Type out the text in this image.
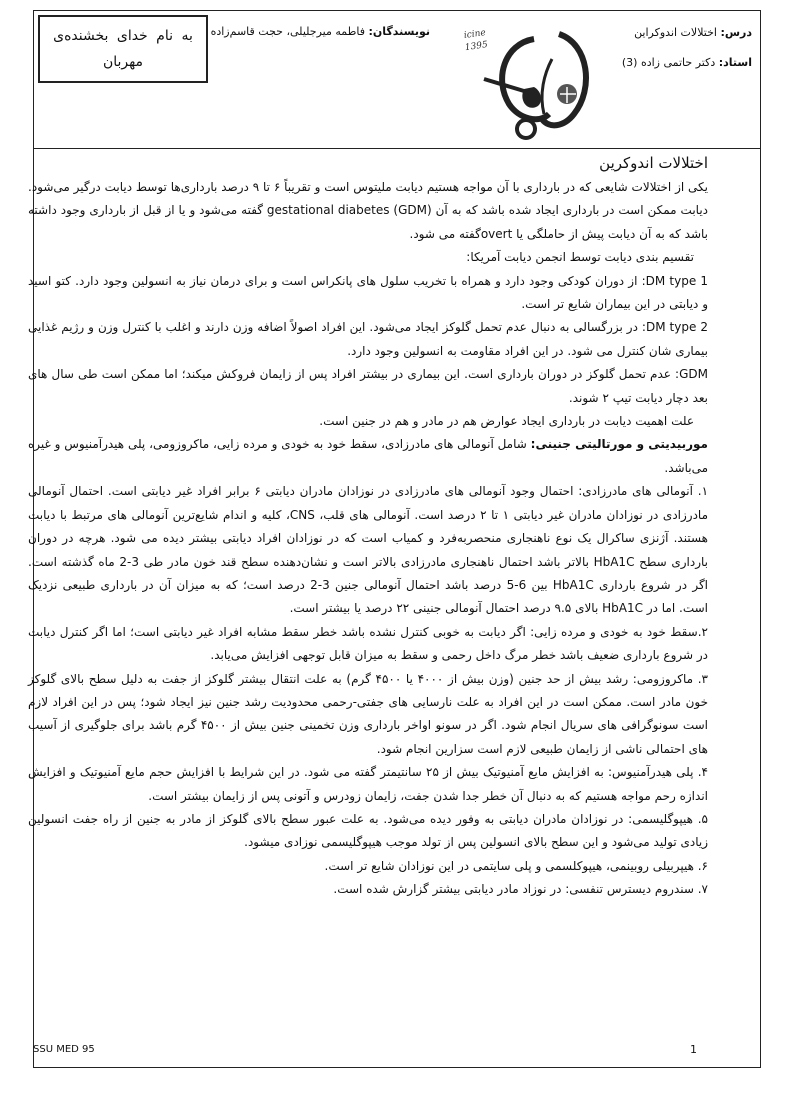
درس: اختلالات اندوکراین
استاد: دکتر حاتمی زاده (3)
medicine
1395
نویسندگان: فاطمه میرجلیلی، حجت قاسم‌زاده
به نام خدای بخشنده‌ی
مهربان

اختلالات اندوکرین

یکی از اختلالات شایعی که در بارداری با آن مواجه هستیم دیابت ملیتوس است و تقریباً ۶ تا ۹ درصد بارداری‌ها توسط دیابت درگیر می‌شود. دیابت ممکن است در بارداری ایجاد شده باشد که به آن gestational diabetes (GDM) گفته می‌شود و یا از قبل از بارداری وجود داشته باشد که به آن دیابت پیش از حاملگی یا overtگفته می شود.

تقسیم بندی دیابت توسط انجمن دیابت آمریکا:

DM type 1: از دوران کودکی وجود دارد و همراه با تخریب سلول های پانکراس است و برای درمان نیاز به انسولین وجود دارد. کتو اسید و دیابتی در این بیماران شایع تر است.

DM type 2: در بزرگسالی به دنبال عدم تحمل گلوکز ایجاد می‌شود. این افراد اصولاً اضافه وزن دارند و اغلب با کنترل وزن و رژیم غذایی بیماری شان کنترل می شود. در این افراد مقاومت به انسولین وجود دارد.

GDM: عدم تحمل گلوکز در دوران بارداری است. این بیماری در بیشتر افراد پس از زایمان فروکش میکند؛ اما ممکن است طی سال های بعد دچار دیابت تیپ ۲ شوند.

علت اهمیت دیابت در بارداری ایجاد عوارض هم در مادر و هم در جنین است.

موربیدیتی و مورتالیتی جنینی: شامل آنومالی های مادرزادی، سقط خود به خودی و مرده زایی، ماکروزومی، پلی هیدرآمنیوس و غیره می‌باشد.

۱. آنومالی های مادرزادی: احتمال وجود آنومالی های مادرزادی در نوزادان مادران دیابتی ۶ برابر افراد غیر دیابتی است. احتمال آنومالی مادرزادی در نوزادان مادران غیر دیابتی ۱ تا ۲ درصد است. آنومالی های قلب، CNS، کلیه و اندام شایع‌ترین آنومالی های مرتبط با دیابت هستند. آژنزی ساکرال یک نوع ناهنجاری منحصربه‌فرد و کمیاب است که در نوزادان افراد دیابتی بیشتر دیده می شود. هرچه در دوران بارداری سطح HbA1C بالاتر باشد احتمال ناهنجاری مادرزادی بالاتر است و نشان‌دهنده سطح قند خون مادر طی 3-2 ماه گذشته است. اگر در شروع بارداری HbA1C بین 6-5 درصد باشد احتمال آنومالی جنین 3-2 درصد است؛ که به میزان آن در بارداری طبیعی نزدیک است. اما در HbA1C بالای ۹.۵ درصد احتمال آنومالی جنینی ۲۲ درصد یا بیشتر است.

۲.سقط خود به خودی و مرده زایی: اگر دیابت به خوبی کنترل نشده باشد خطر سقط مشابه افراد غیر دیابتی است؛ اما اگر کنترل دیابت در شروع بارداری ضعیف باشد خطر مرگ داخل رحمی و سقط به میزان قابل توجهی افزایش می‌یابد.

۳. ماکروزومی: رشد بیش از حد جنین (وزن بیش از ۴۰۰۰ یا ۴۵۰۰ گرم) به علت انتقال بیشتر گلوکز از جفت به دلیل سطح بالای گلوکز خون مادر است. ممکن است در این افراد به علت نارسایی های جفتی-رحمی محدودیت رشد جنین نیز ایجاد شود؛ پس در این افراد لازم است سونوگرافی های سریال انجام شود. اگر در سونو اواخر بارداری وزن تخمینی جنین بیش از ۴۵۰۰ گرم باشد برای جلوگیری از آسیب های احتمالی ناشی از زایمان طبیعی لازم است سزارین انجام شود.

۴. پلی هیدرآمنیوس: به افزایش مایع آمنیوتیک بیش از ۲۵ سانتیمتر گفته می شود. در این شرایط با افزایش حجم مایع آمنیوتیک و افزایش اندازه رحم مواجه هستیم که به دنبال آن خطر جدا شدن جفت، زایمان زودرس و آتونی پس از زایمان بیشتر است.

۵. هیپوگلیسمی: در نوزادان مادران دیابتی به وفور دیده می‌شود. به علت عبور سطح بالای گلوکز از مادر به جنین از راه جفت انسولین زیادی تولید می‌شود و این سطح بالای انسولین پس از تولد موجب هیپوگلیسمی نوزادی میشود.

۶. هیپربیلی روبینمی، هیپوکلسمی و پلی سایتمی در این نوزادان شایع تر است.

۷. سندروم دیسترس تنفسی: در نوزاد مادر دیابتی بیشتر گزارش شده است.

SSU MED 95	1
